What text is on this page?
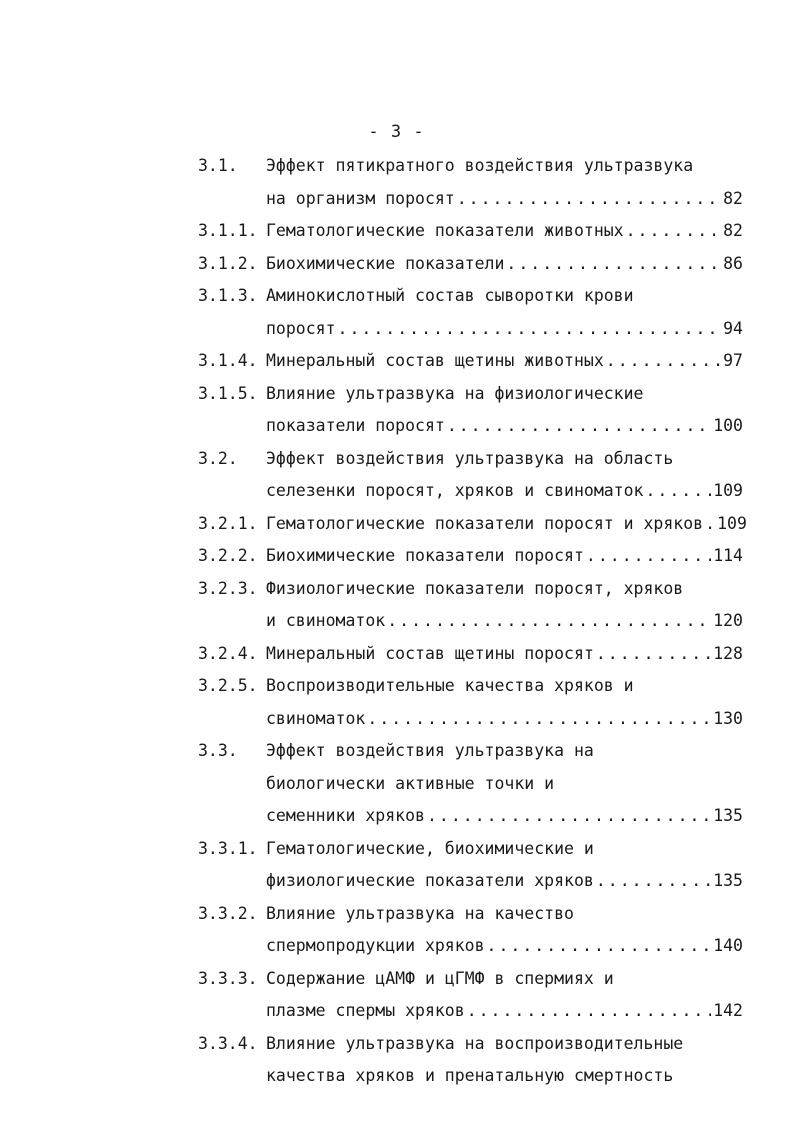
- 3 -
3.1.	Эффект пятикратного воздействия ультразвука
на организм поросят .....	82
3.1.1. Гематологические показатели животных .....	82
3.1.2. Биохимические показатели .....	86
3.1.3. Аминокислотный состав сыворотки крови
поросят .....	94
3.1.4. Минеральный состав щетины животных .....	97
3.1.5. Влияние ультразвука на физиологические
показатели поросят .....	100
3.2.	Эффект воздействия ультразвука на область
селезенки поросят, хряков и свиноматок .....	109
3.2.1. Гематологические показатели поросят и хряков ..... 109
3.2.2. Биохимические показатели поросят .....	114
3.2.3. Физиологические показатели поросят, хряков
и свиноматок .....	120
3.2.4. Минеральный состав щетины поросят .....	128
3.2.5. Воспроизводительные качества хряков и
свиноматок .....	130
3.3.	Эффект воздействия ультразвука на
биологически активные точки и
семенники хряков .....	135
3.3.1. Гематологические, биохимические и
физиологические показатели хряков .....	135
3.3.2. Влияние ультразвука на качество
спермопродукции хряков .....	140
3.3.3. Содержание цАМФ и цГМФ в спермиях и
плазме спермы хряков .....	142
3.3.4. Влияние ультразвука на воспроизводительные
качества хряков и пренатальную смертность
